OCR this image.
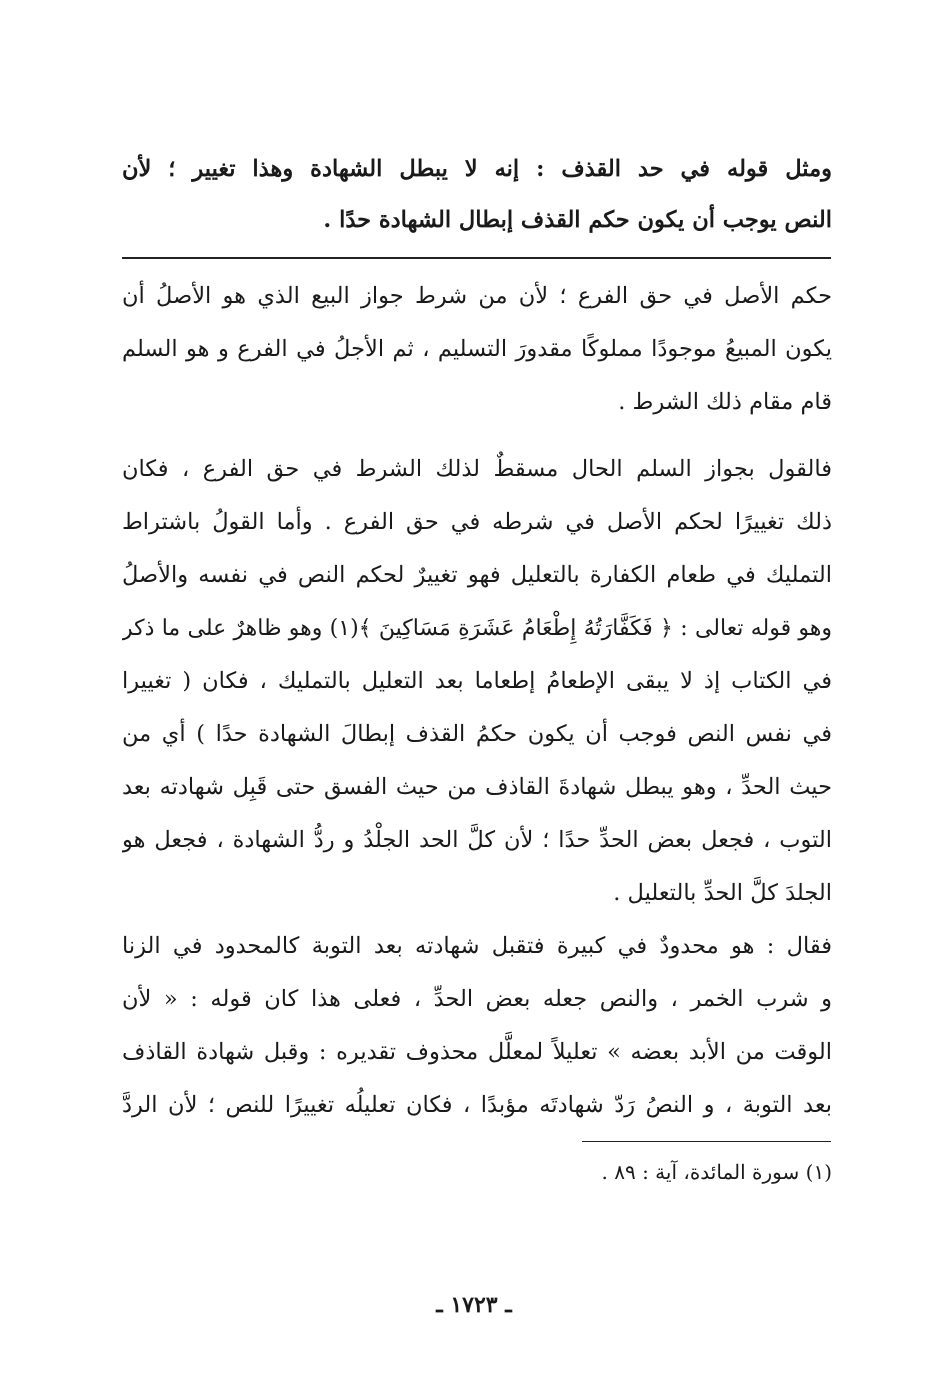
ومثل قوله في حد القذف : إنه لا يبطل الشهادة وهذا تغيير ؛ لأن
النص يوجب أن يكون حكم القذف إبطال الشهادة حدًا .
حكم الأصل في حق الفرع ؛ لأن من شرط جواز البيع الذي هو الأصلُ أن
يكون المبيعُ موجودًا مملوكًا مقدورَ التسليم ، ثم الأجلُ في الفرع و هو السلم
قام مقام ذلك الشرط .
فالقول بجواز السلم الحال مسقطٌ لذلك الشرط في حق الفرع ، فكان
ذلك تغييرًا لحكم الأصل في شرطه في حق الفرع . وأما القولُ باشتراط
التمليك في طعام الكفارة بالتعليل فهو تغييرٌ لحكم النص في نفسه والأصلُ
وهو قوله تعالى : ﴿ فَكَفَّارَتُهُ إِطْعَامُ عَشَرَةِ مَسَاكِينَ ﴾(١) وهو ظاهرٌ على ما ذكر
في الكتاب إذ لا يبقى الإطعامُ إطعاما بعد التعليل بالتمليك ، فكان ( تغييرا
في نفس النص فوجب أن يكون حكمُ القذف إبطالَ الشهادة حدًا ) أي من
حيث الحدِّ ، وهو يبطل شهادةَ القاذف من حيث الفسق حتى قَبِل شهادته بعد
التوب ، فجعل بعض الحدِّ حدًا ؛ لأن كلَّ الحد الجلْدُ و ردُّ الشهادة ، فجعل هو
الجلدَ كلَّ الحدِّ بالتعليل .
فقال : هو محدودٌ في كبيرة فتقبل شهادته بعد التوبة كالمحدود في الزنا
و شرب الخمر ، والنص جعله بعض الحدِّ ، فعلى هذا كان قوله : « لأن
الوقت من الأبد بعضه » تعليلاً لمعلَّل محذوف تقديره : وقبل شهادة القاذف
بعد التوبة ، و النصُ رَدّ شهادتَه مؤبدًا ، فكان تعليلُه تغييرًا للنص ؛ لأن الردَّ
(١) سورة المائدة، آية : ٨٩ .
ـ ١٧٢٣ ـ
